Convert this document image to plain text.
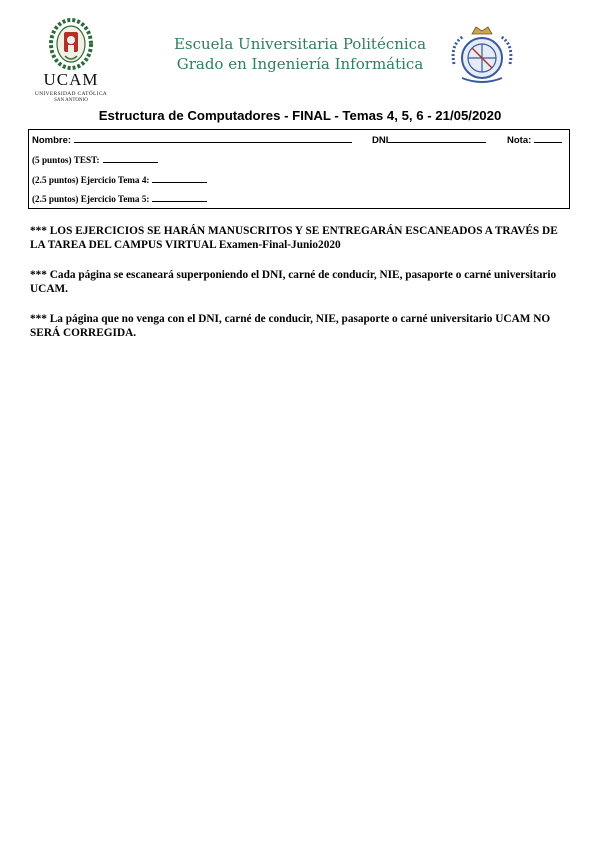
UCAM
UNIVERSIDAD CATÓLICA
SAN ANTONIO
Escuela Universitaria Politécnica
Grado en Ingeniería Informática
Estructura de Computadores - FINAL - Temas 4, 5, 6 - 21/05/2020
Nombre:	DNI	Nota:
(5 puntos) TEST:
(2.5 puntos) Ejercicio Tema 4:
(2.5 puntos) Ejercicio Tema 5:
*** LOS EJERCICIOS SE HARÁN MANUSCRITOS Y SE ENTREGARÁN ESCANEADOS A TRAVÉS DE LA TAREA DEL CAMPUS VIRTUAL Examen-Final-Junio2020
*** Cada página se escaneará superponiendo el DNI, carné de conducir, NIE, pasaporte o carné universitario UCAM.
*** La página que no venga con el DNI, carné de conducir, NIE, pasaporte o carné universitario UCAM NO SERÁ CORREGIDA.
